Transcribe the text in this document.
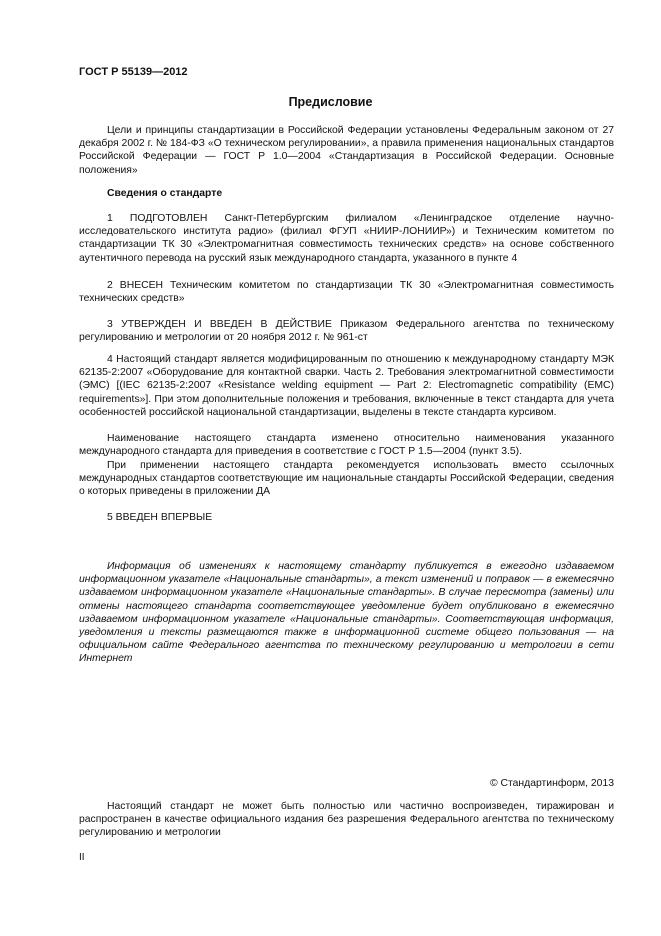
ГОСТ Р 55139—2012
Предисловие

Цели и принципы стандартизации в Российской Федерации установлены Федеральным законом от 27 декабря 2002 г. № 184-ФЗ «О техническом регулировании», а правила применения национальных стандартов Российской Федерации — ГОСТ Р 1.0—2004 «Стандартизация в Российской Федерации. Основные положения»

Сведения о стандарте

1 ПОДГОТОВЛЕН Санкт-Петербургским филиалом «Ленинградское отделение научно-исследовательского института радио» (филиал ФГУП «НИИР-ЛОНИИР») и Техническим комитетом по стандартизации ТК 30 «Электромагнитная совместимость технических средств» на основе собственного аутентичного перевода на русский язык международного стандарта, указанного в пункте 4

2 ВНЕСЕН Техническим комитетом по стандартизации ТК 30 «Электромагнитная совместимость технических средств»

3 УТВЕРЖДЕН И ВВЕДЕН В ДЕЙСТВИЕ Приказом Федерального агентства по техническому регулированию и метрологии от 20 ноября 2012 г. № 961-ст

4 Настоящий стандарт является модифицированным по отношению к международному стандарту МЭК 62135-2:2007 «Оборудование для контактной сварки. Часть 2. Требования электромагнитной совместимости (ЭМС) [(IEC 62135-2:2007 «Resistance welding equipment — Part 2: Electromagnetic compatibility (EMC) requirements»]. При этом дополнительные положения и требования, включенные в текст стандарта для учета особенностей российской национальной стандартизации, выделены в тексте стандарта курсивом.

Наименование настоящего стандарта изменено относительно наименования указанного международного стандарта для приведения в соответствие с ГОСТ Р 1.5—2004 (пункт 3.5).

При применении настоящего стандарта рекомендуется использовать вместо ссылочных международных стандартов соответствующие им национальные стандарты Российской Федерации, сведения о которых приведены в приложении ДА

5 ВВЕДЕН ВПЕРВЫЕ

Информация об изменениях к настоящему стандарту публикуется в ежегодно издаваемом информационном указателе «Национальные стандарты», а текст изменений и поправок — в ежемесячно издаваемом информационном указателе «Национальные стандарты». В случае пересмотра (замены) или отмены настоящего стандарта соответствующее уведомление будет опубликовано в ежемесячно издаваемом информационном указателе «Национальные стандарты». Соответствующая информация, уведомления и тексты размещаются также в информационной системе общего пользования — на официальном сайте Федерального агентства по техническому регулированию и метрологии в сети Интернет

© Стандартинформ, 2013

Настоящий стандарт не может быть полностью или частично воспроизведен, тиражирован и распространен в качестве официального издания без разрешения Федерального агентства по техническому регулированию и метрологии

II
